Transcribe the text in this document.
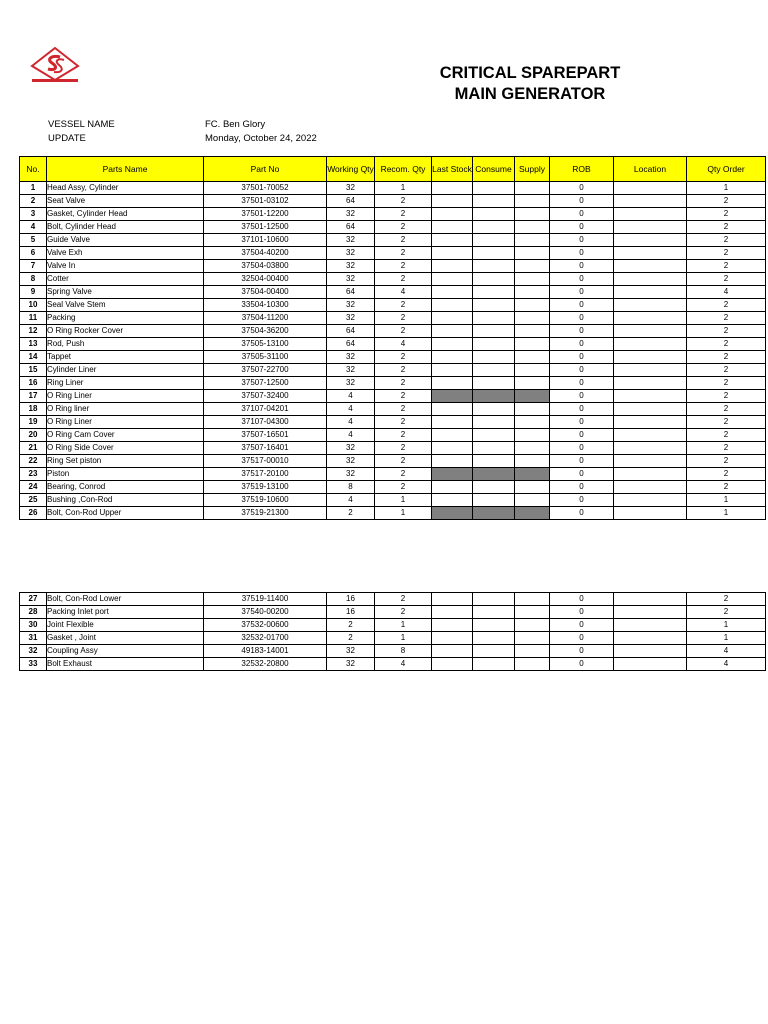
CRITICAL SPAREPART
MAIN GENERATOR
VESSEL NAME	FC. Ben Glory
UPDATE	Monday, October 24, 2022
No.	Parts Name	Part No	Working Qty	Recom. Qty	Last Stock	Consume	Supply	ROB	Location	Qty Order
1	Head Assy, Cylinder	37501-70052	32	1				0		1
2	Seat Valve	37501-03102	64	2				0		2
3	Gasket, Cylinder Head	37501-12200	32	2				0		2
4	Bolt, Cylinder Head	37501-12500	64	2				0		2
5	Guide Valve	37101-10600	32	2				0		2
6	Valve Exh	37504-40200	32	2				0		2
7	Valve In	37504-03800	32	2				0		2
8	Cotter	32504-00400	32	2				0		2
9	Spring Valve	37504-00400	64	4				0		4
10	Seal Valve Stem	33504-10300	32	2				0		2
11	Packing	37504-11200	32	2				0		2
12	O Ring Rocker Cover	37504-36200	64	2				0		2
13	Rod, Push	37505-13100	64	4				0		2
14	Tappet	37505-31100	32	2				0		2
15	Cylinder Liner	37507-22700	32	2				0		2
16	Ring Liner	37507-12500	32	2				0		2
17	O Ring Liner	37507-32400	4	2				0		2
18	O Ring liner	37107-04201	4	2				0		2
19	O Ring Liner	37107-04300	4	2				0		2
20	O Ring Cam Cover	37507-16501	4	2				0		2
21	O Ring Side Cover	37507-16401	32	2				0		2
22	Ring Set piston	37517-00010	32	2				0		2
23	Piston	37517-20100	32	2				0		2
24	Bearing, Conrod	37519-13100	8	2				0		2
25	Bushing ,Con-Rod	37519-10600	4	1				0		1
26	Bolt, Con-Rod Upper	37519-21300	2	1				0		1
27	Bolt, Con-Rod Lower	37519-11400	16	2				0		2
28	Packing Inlet port	37540-00200	16	2				0		2
30	Joint Flexible	37532-00600	2	1				0		1
31	Gasket , Joint	32532-01700	2	1				0		1
32	Coupling Assy	49183-14001	32	8				0		4
33	Bolt Exhaust	32532-20800	32	4				0		4
